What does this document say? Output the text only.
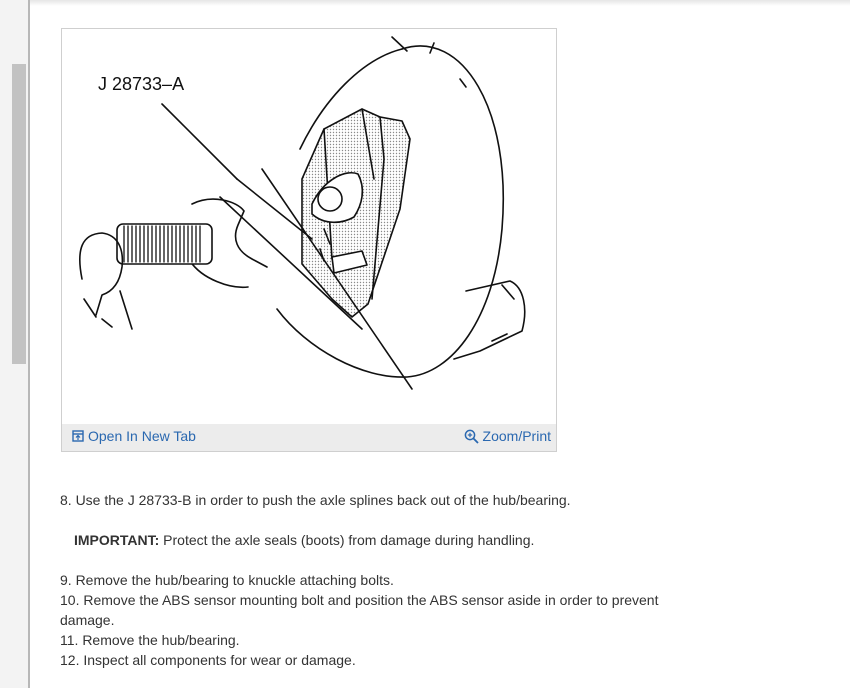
J 28733–A
Open In New Tab	Zoom/Print

8. Use the J 28733-B in order to push the axle splines back out of the hub/bearing.

IMPORTANT: Protect the axle seals (boots) from damage during handling.

9. Remove the hub/bearing to knuckle attaching bolts.

10. Remove the ABS sensor mounting bolt and position the ABS sensor aside in order to prevent damage.

11. Remove the hub/bearing.

12. Inspect all components for wear or damage.
